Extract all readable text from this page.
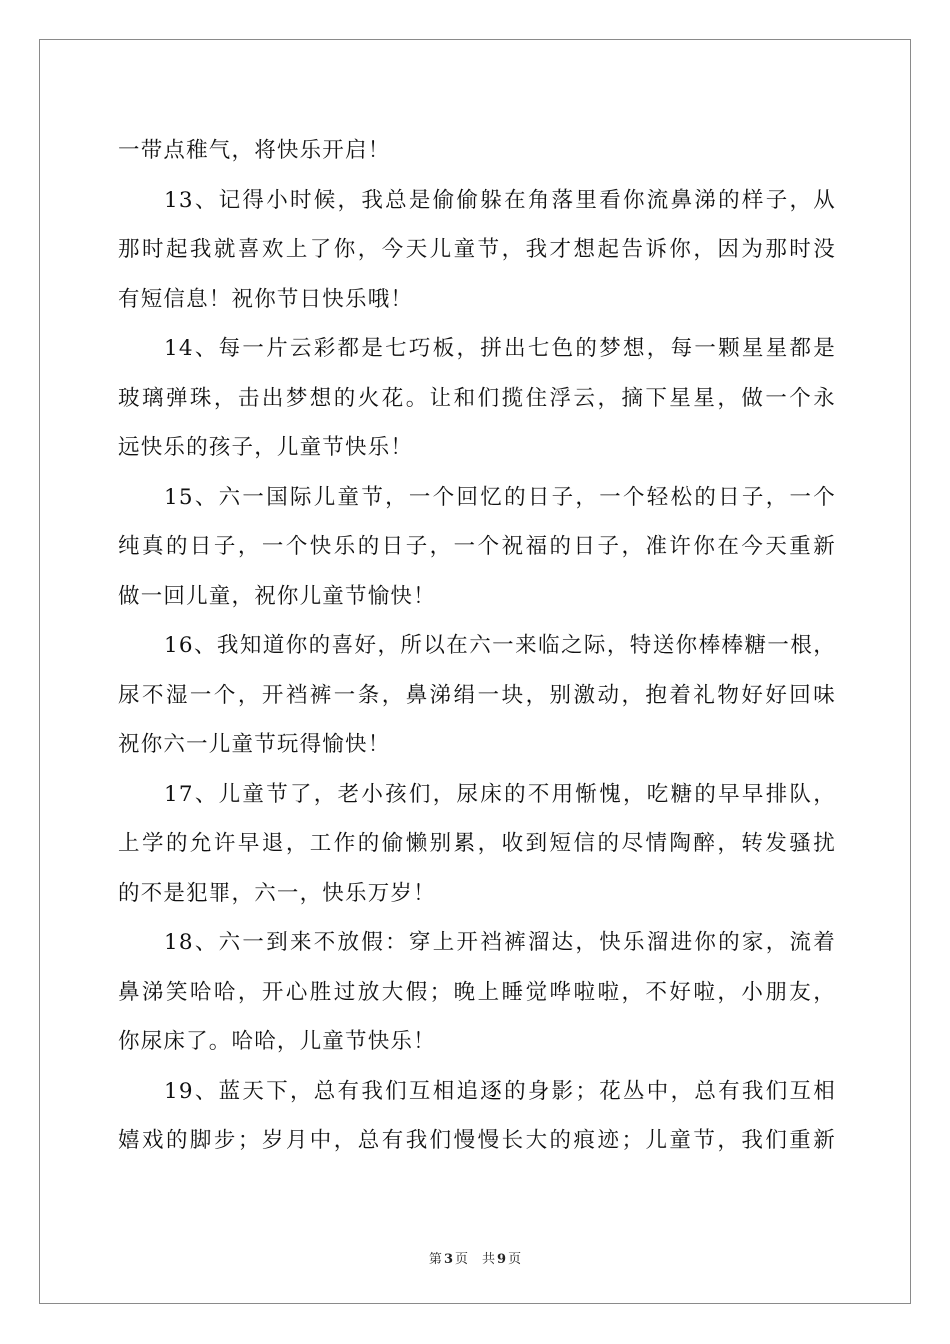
一带点稚气，将快乐开启！
13、记得小时候，我总是偷偷躲在角落里看你流鼻涕的样子，从
那时起我就喜欢上了你，今天儿童节，我才想起告诉你，因为那时没
有短信息！祝你节日快乐哦！
14、每一片云彩都是七巧板，拼出七色的梦想，每一颗星星都是
玻璃弹珠，击出梦想的火花。让和们揽住浮云，摘下星星，做一个永
远快乐的孩子，儿童节快乐！
15、六一国际儿童节，一个回忆的日子，一个轻松的日子，一个
纯真的日子，一个快乐的日子，一个祝福的日子，准许你在今天重新
做一回儿童，祝你儿童节愉快！
16、我知道你的喜好，所以在六一来临之际，特送你棒棒糖一根，
尿不湿一个，开裆裤一条，鼻涕绢一块，别激动，抱着礼物好好回味
祝你六一儿童节玩得愉快！
17、儿童节了，老小孩们，尿床的不用惭愧，吃糖的早早排队，
上学的允许早退，工作的偷懒别累，收到短信的尽情陶醉，转发骚扰
的不是犯罪，六一，快乐万岁！
18、六一到来不放假：穿上开裆裤溜达，快乐溜进你的家，流着
鼻涕笑哈哈，开心胜过放大假；晚上睡觉哗啦啦，不好啦，小朋友，
你尿床了。哈哈，儿童节快乐！
19、蓝天下，总有我们互相追逐的身影；花丛中，总有我们互相
嬉戏的脚步；岁月中，总有我们慢慢长大的痕迹；儿童节，我们重新
第 3 页 共 9 页
